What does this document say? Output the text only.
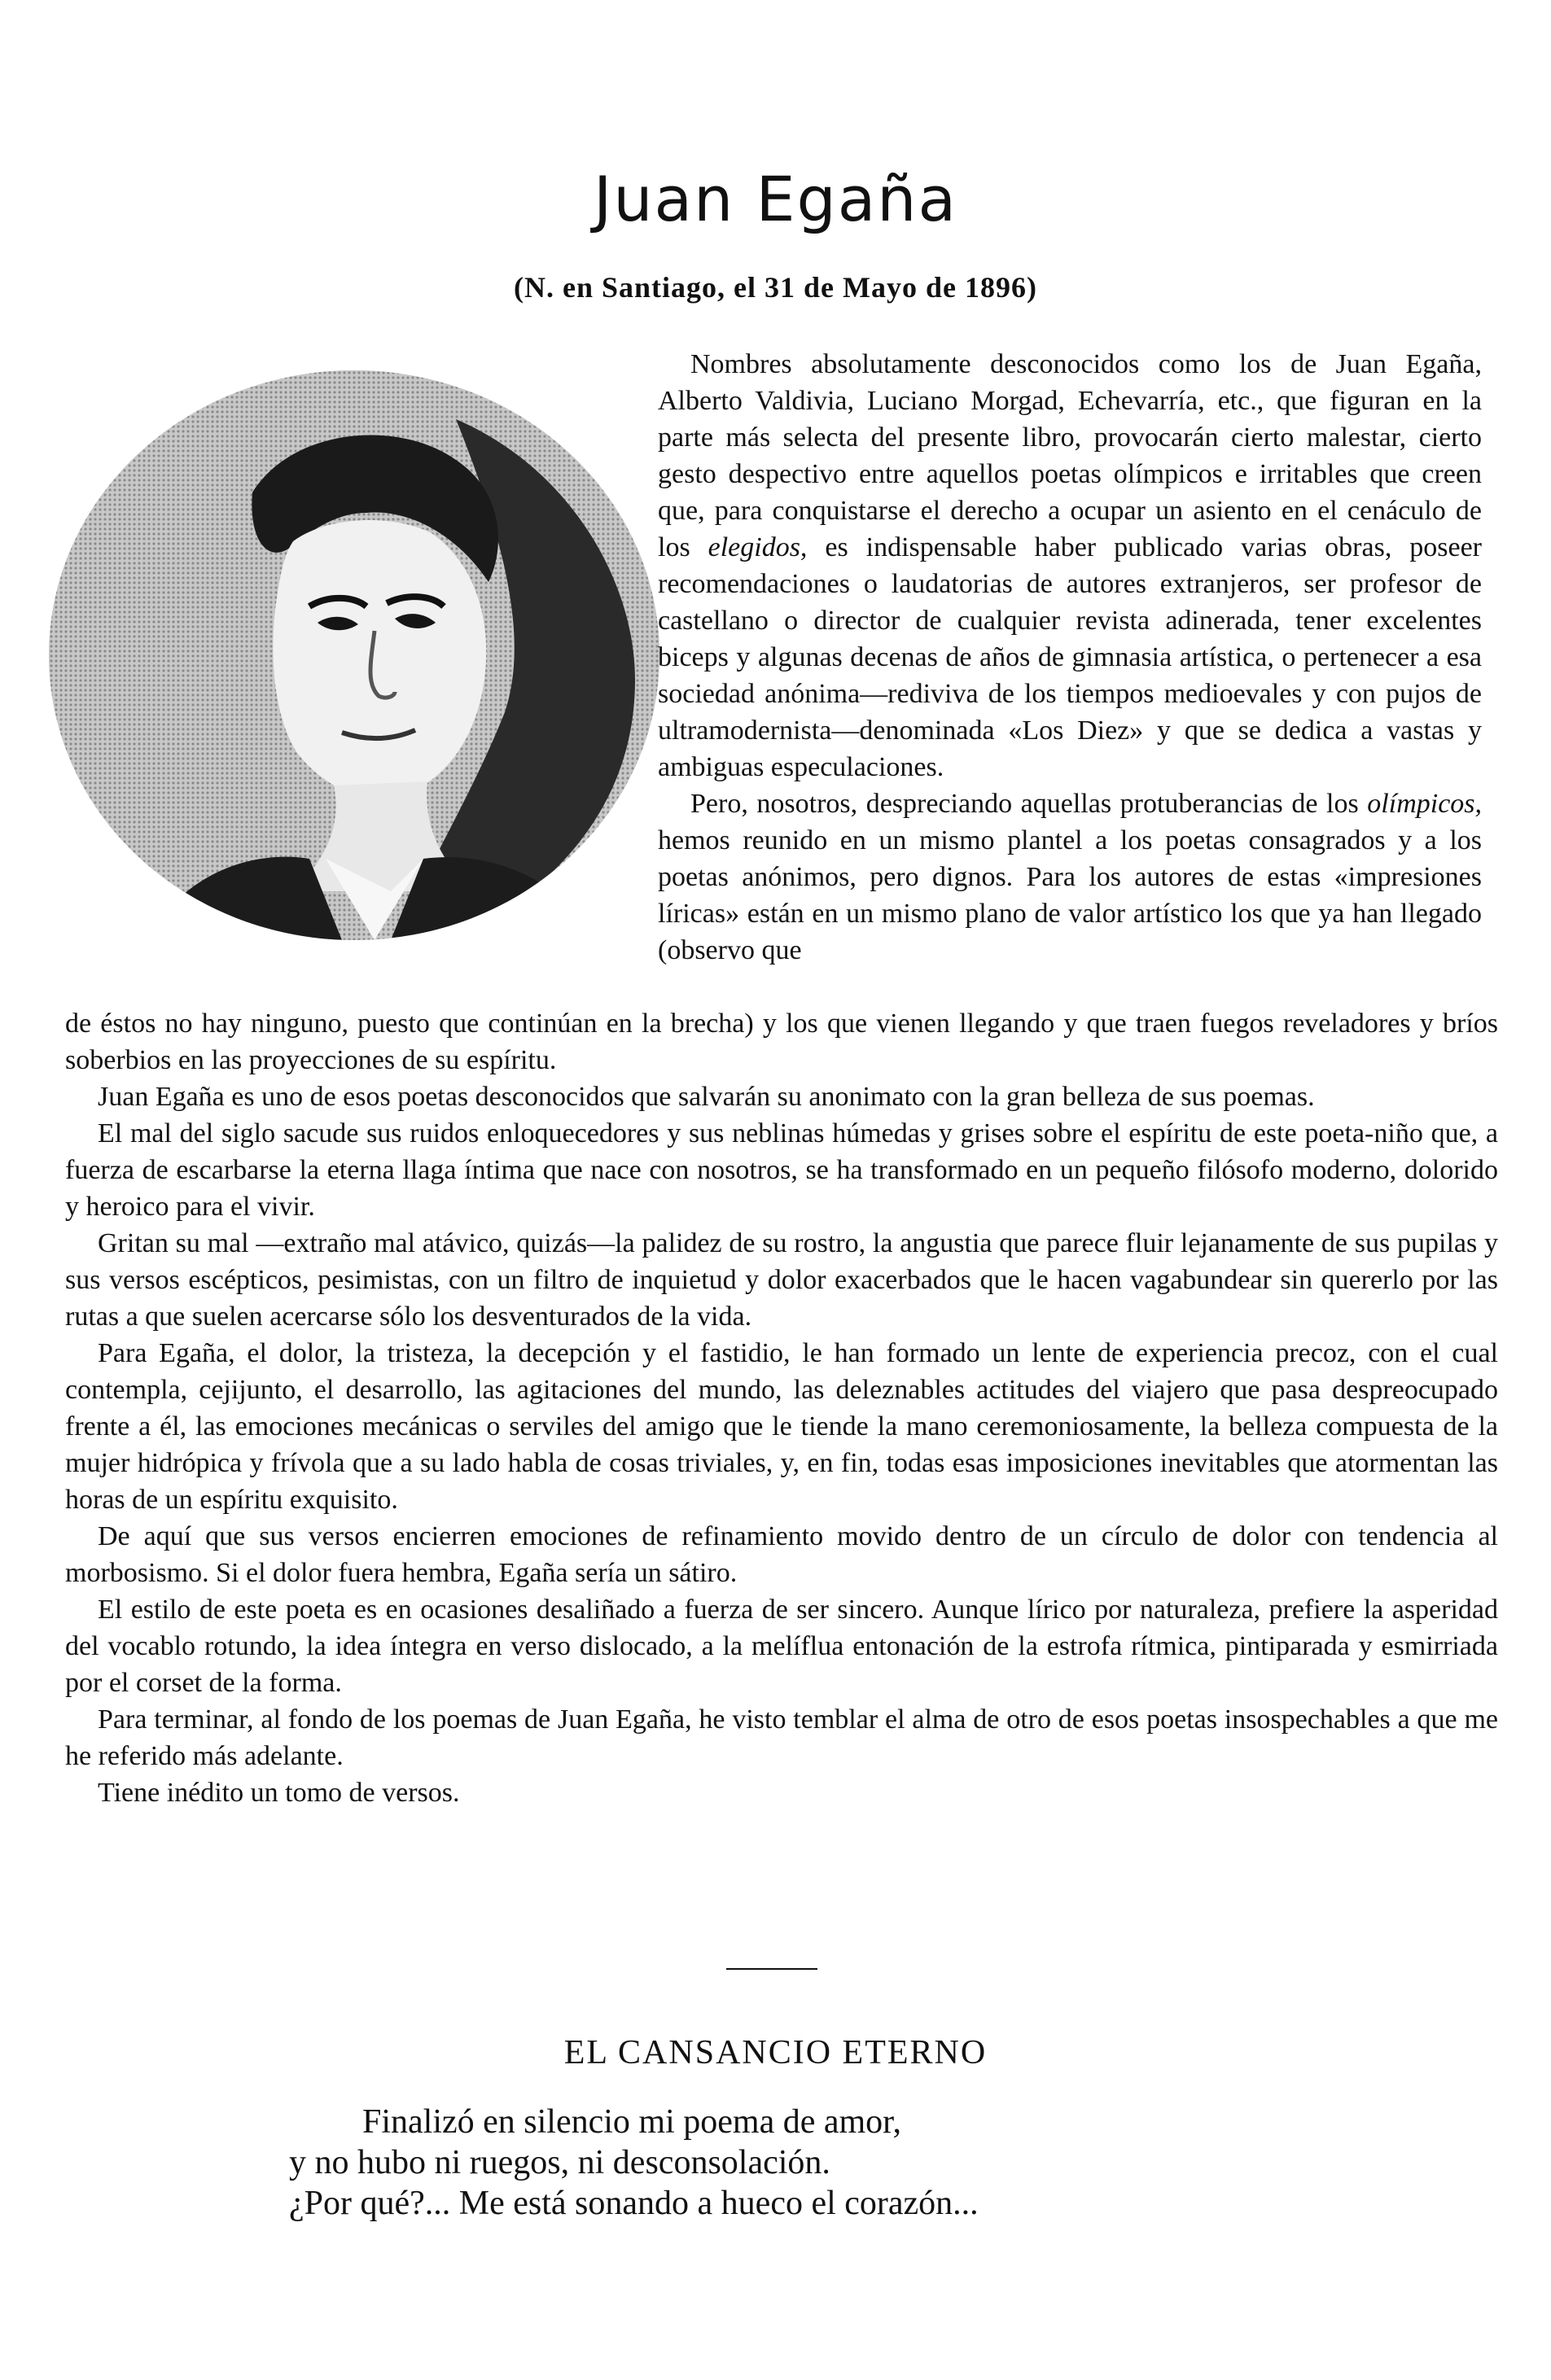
Juan Egaña
(N. en Santiago, el 31 de Mayo de 1896)

Nombres absolutamente desconocidos como los de Juan Egaña, Alberto Valdivia, Luciano Morgad, Echevarría, etc., que figuran en la parte más selecta del presente libro, provocarán cierto malestar, cierto gesto despectivo entre aquellos poetas olímpicos e irritables que creen que, para conquistarse el derecho a ocupar un asiento en el cenáculo de los elegidos, es indispensable haber publicado varias obras, poseer recomendaciones o laudatorias de autores extranjeros, ser profesor de castellano o director de cualquier revista adinerada, tener excelentes biceps y algunas decenas de años de gimnasia artística, o pertenecer a esa sociedad anónima—rediviva de los tiempos medioevales y con pujos de ultramodernista—denominada «Los Diez» y que se dedica a vastas y ambiguas especulaciones.

Pero, nosotros, despreciando aquellas protuberancias de los olímpicos, hemos reunido en un mismo plantel a los poetas consagrados y a los poetas anónimos, pero dignos. Para los autores de estas «impresiones líricas» están en un mismo plano de valor artístico los que ya han llegado (observo que

de éstos no hay ninguno, puesto que continúan en la brecha) y los que vienen llegando y que traen fuegos reveladores y bríos soberbios en las proyecciones de su espíritu.

Juan Egaña es uno de esos poetas desconocidos que salvarán su anonimato con la gran belleza de sus poemas.

El mal del siglo sacude sus ruidos enloquecedores y sus neblinas húmedas y grises sobre el espíritu de este poeta-niño que, a fuerza de escarbarse la eterna llaga íntima que nace con nosotros, se ha transformado en un pequeño filósofo moderno, dolorido y heroico para el vivir.

Gritan su mal —extraño mal atávico, quizás—la palidez de su rostro, la angustia que parece fluir lejanamente de sus pupilas y sus versos escépticos, pesimistas, con un filtro de inquietud y dolor exacerbados que le hacen vagabundear sin quererlo por las rutas a que suelen acercarse sólo los desventurados de la vida.

Para Egaña, el dolor, la tristeza, la decepción y el fastidio, le han formado un lente de experiencia precoz, con el cual contempla, cejijunto, el desarrollo, las agitaciones del mundo, las deleznables actitudes del viajero que pasa despreocupado frente a él, las emociones mecánicas o serviles del amigo que le tiende la mano ceremoniosamente, la belleza compuesta de la mujer hidrópica y frívola que a su lado habla de cosas triviales, y, en fin, todas esas imposiciones inevitables que atormentan las horas de un espíritu exquisito.

De aquí que sus versos encierren emociones de refinamiento movido dentro de un círculo de dolor con tendencia al morbosismo. Si el dolor fuera hembra, Egaña sería un sátiro.

El estilo de este poeta es en ocasiones desaliñado a fuerza de ser sincero. Aunque lírico por naturaleza, prefiere la asperidad del vocablo rotundo, la idea íntegra en verso dislocado, a la melíflua entonación de la estrofa rítmica, pintiparada y esmirriada por el corset de la forma.

Para terminar, al fondo de los poemas de Juan Egaña, he visto temblar el alma de otro de esos poetas insospechables a que me he referido más adelante.

Tiene inédito un tomo de versos.

EL CANSANCIO ETERNO
Finalizó en silencio mi poema de amor,
y no hubo ni ruegos, ni desconsolación.
¿Por qué?... Me está sonando a hueco el corazón...
